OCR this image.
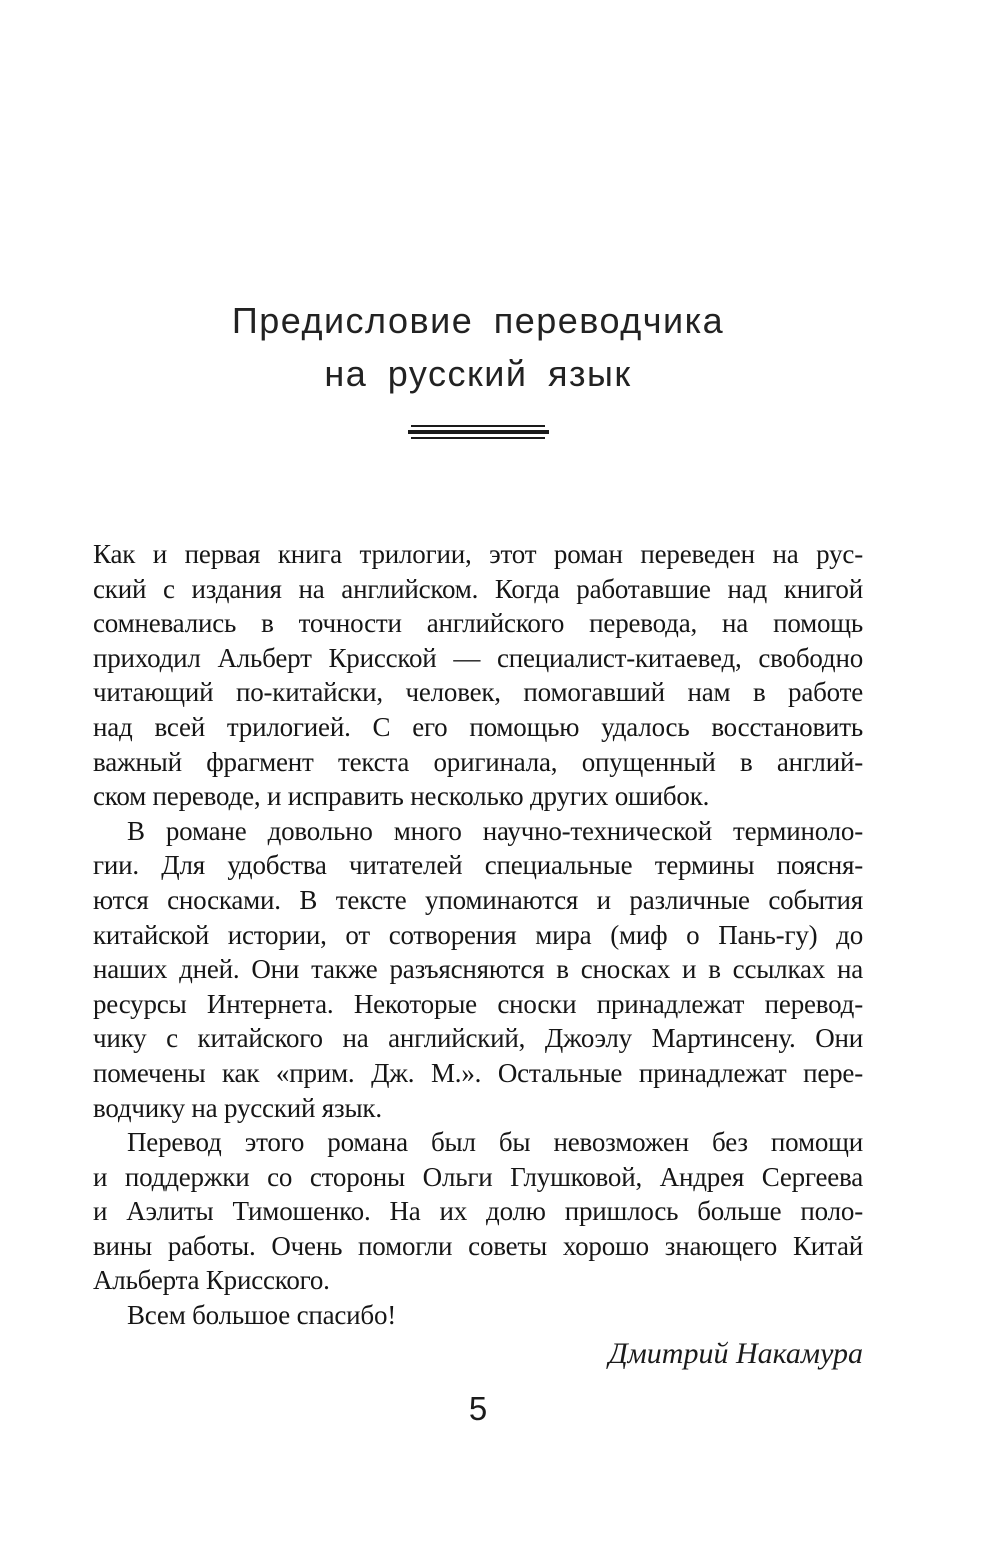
Предисловие переводчика
на русский язык
Как и первая книга трилогии, этот роман переведен на рус-
ский с издания на английском. Когда работавшие над книгой
сомневались в точности английского перевода, на помощь
приходил Альберт Крисской — специалист-китаевед, свободно
читающий по-китайски, человек, помогавший нам в работе
над всей трилогией. С его помощью удалось восстановить
важный фрагмент текста оригинала, опущенный в англий-
ском переводе, и исправить несколько других ошибок.
В романе довольно много научно-технической терминоло-
гии. Для удобства читателей специальные термины поясня-
ются сносками. В тексте упоминаются и различные события
китайской истории, от сотворения мира (миф о Пань-гу) до
наших дней. Они также разъясняются в сносках и в ссылках на
ресурсы Интернета. Некоторые сноски принадлежат перевод-
чику с китайского на английский, Джоэлу Мартинсену. Они
помечены как «прим. Дж. М.». Остальные принадлежат пере-
водчику на русский язык.
Перевод этого романа был бы невозможен без помощи
и поддержки со стороны Ольги Глушковой, Андрея Сергеева
и Аэлиты Тимошенко. На их долю пришлось больше поло-
вины работы. Очень помогли советы хорошо знающего Китай
Альберта Крисского.
Всем большое спасибо!
Дмитрий Накамура
5
